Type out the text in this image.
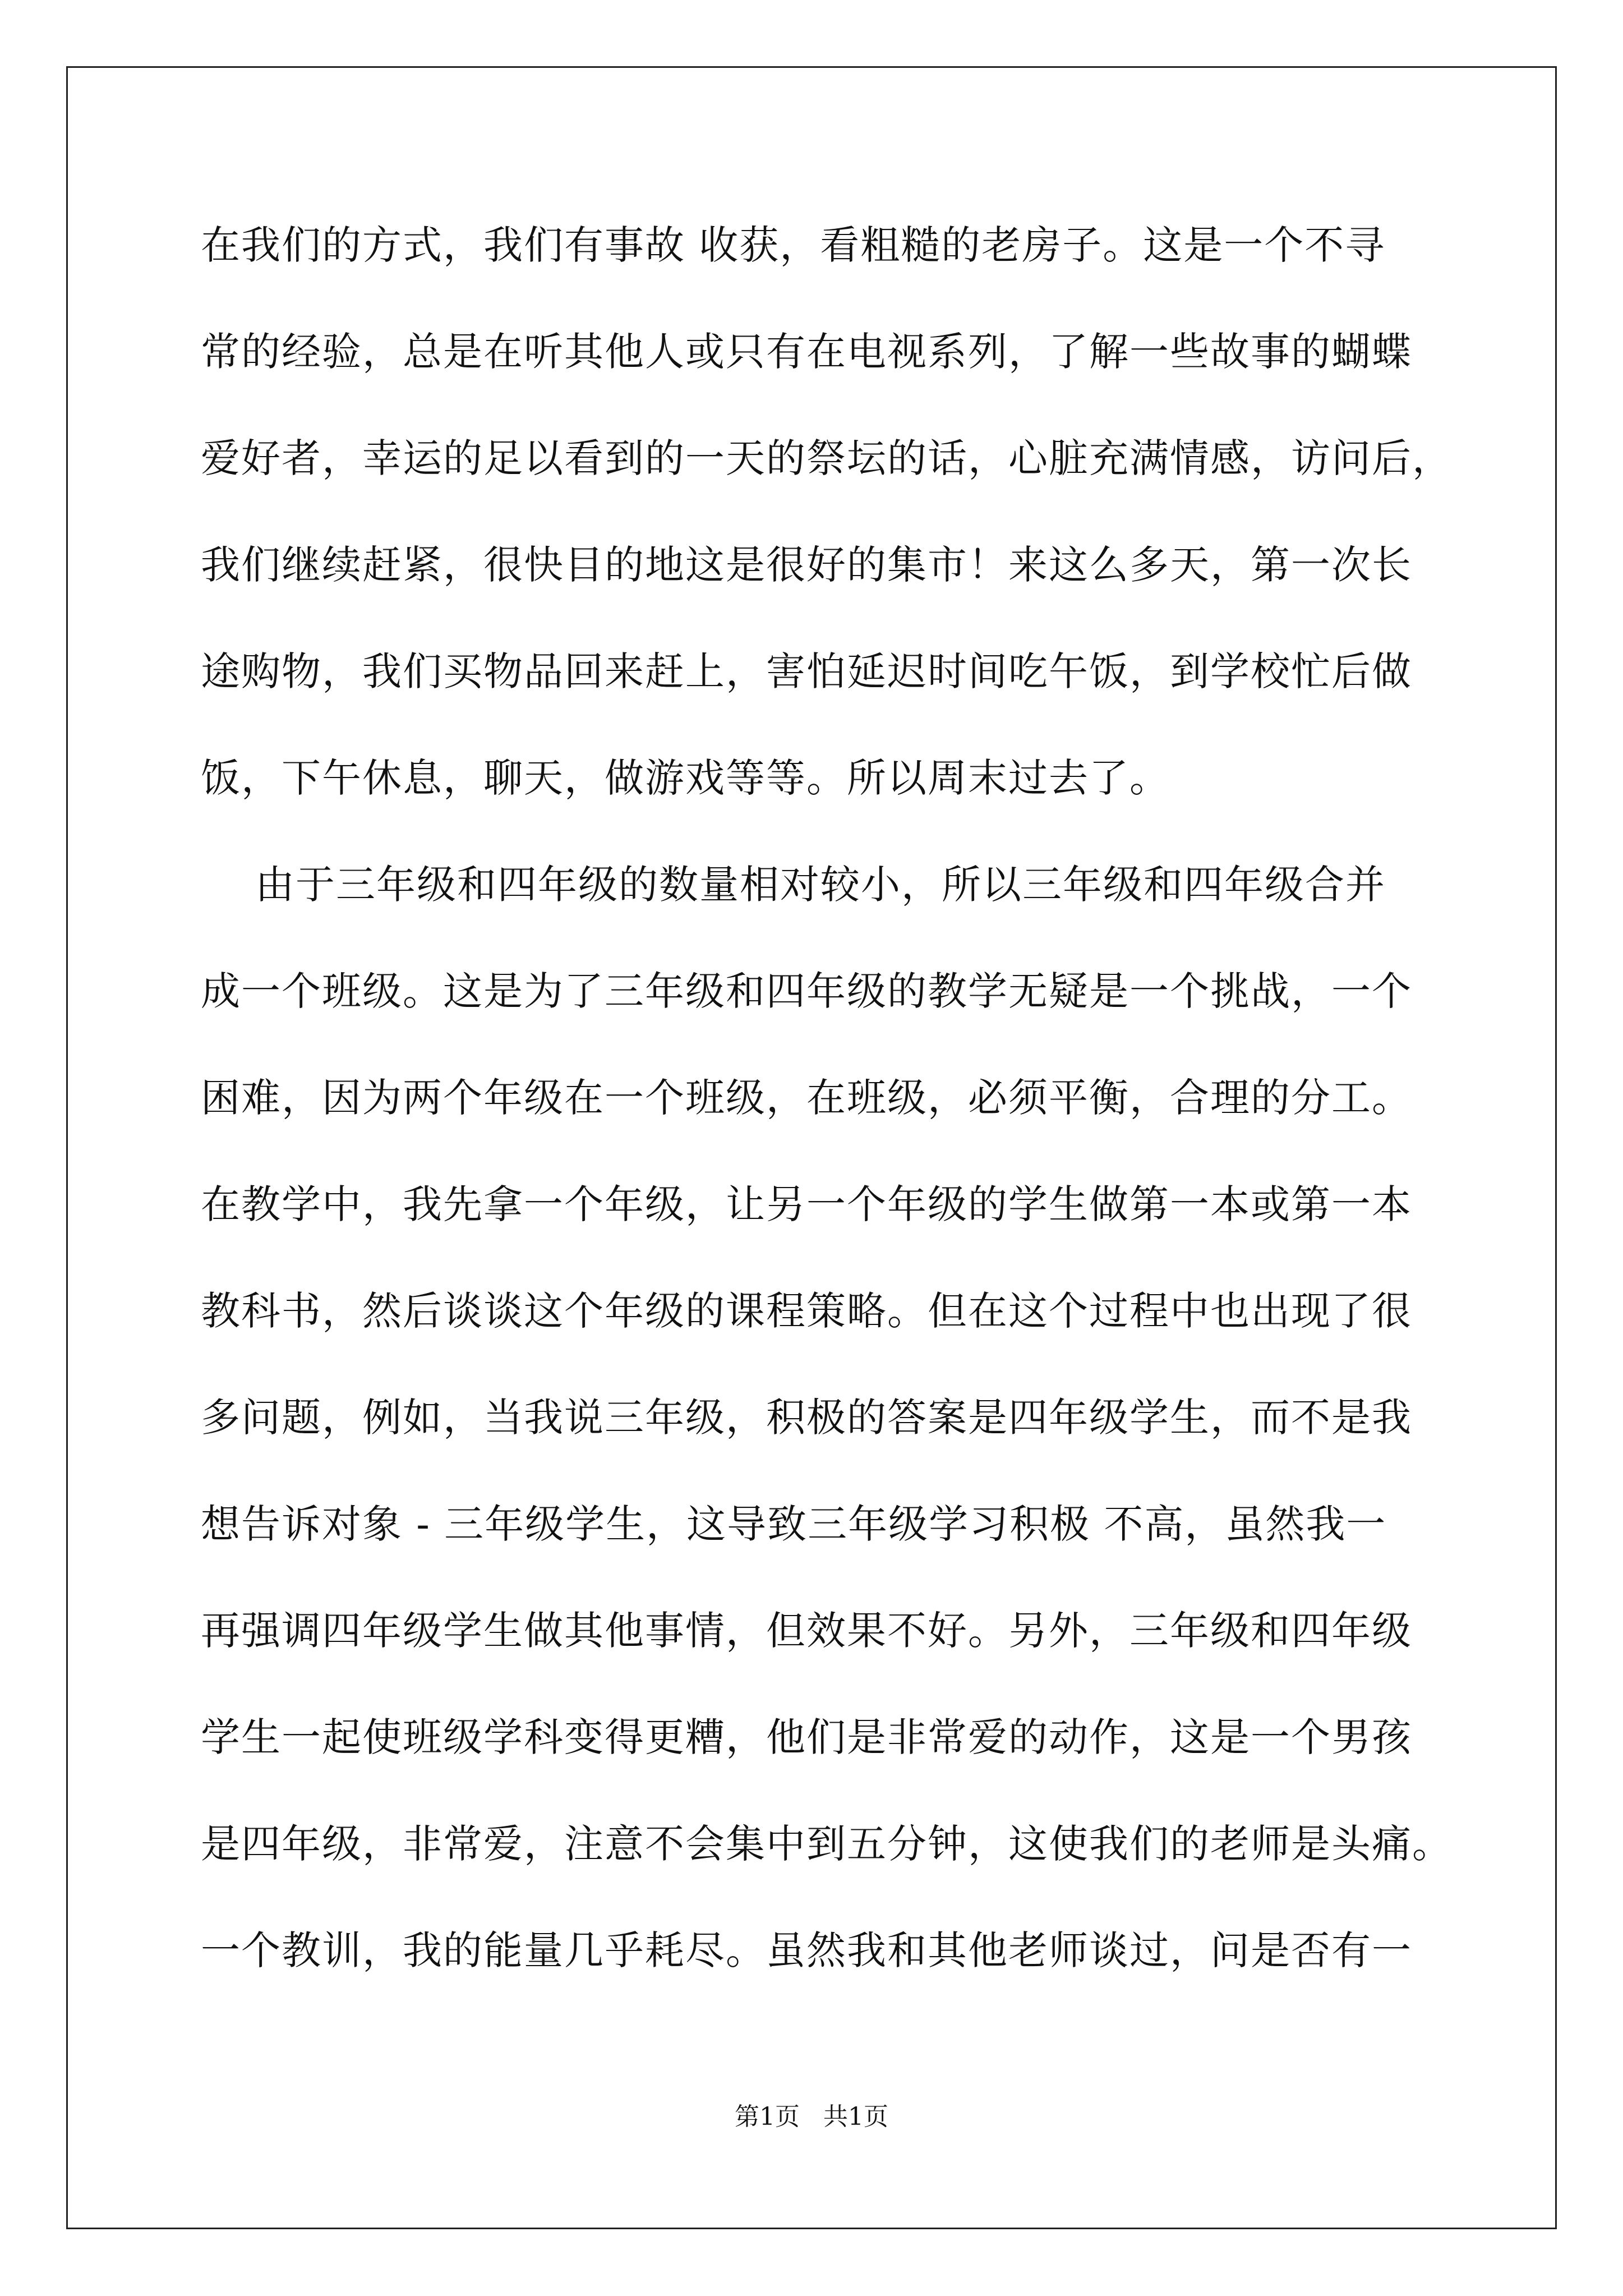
在我们的方式，我们有事故 收获，看粗糙的老房子。这是一个不寻
常的经验，总是在听其他人或只有在电视系列，了解一些故事的蝴蝶
爱好者，幸运的足以看到的一天的祭坛的话，心脏充满情感，访问后，
我们继续赶紧，很快目的地这是很好的集市！来这么多天，第一次长
途购物，我们买物品回来赶上，害怕延迟时间吃午饭，到学校忙后做
饭，下午休息，聊天，做游戏等等。所以周末过去了。
由于三年级和四年级的数量相对较小，所以三年级和四年级合并
成一个班级。这是为了三年级和四年级的教学无疑是一个挑战，一个
困难，因为两个年级在一个班级，在班级，必须平衡，合理的分工。
在教学中，我先拿一个年级，让另一个年级的学生做第一本或第一本
教科书，然后谈谈这个年级的课程策略。但在这个过程中也出现了很
多问题，例如，当我说三年级，积极的答案是四年级学生，而不是我
想告诉对象 - 三年级学生，这导致三年级学习积极 不高，虽然我一
再强调四年级学生做其他事情，但效果不好。另外，三年级和四年级
学生一起使班级学科变得更糟，他们是非常爱的动作，这是一个男孩
是四年级，非常爱，注意不会集中到五分钟，这使我们的老师是头痛。
一个教训，我的能量几乎耗尽。虽然我和其他老师谈过，问是否有一
第1页   共1页
